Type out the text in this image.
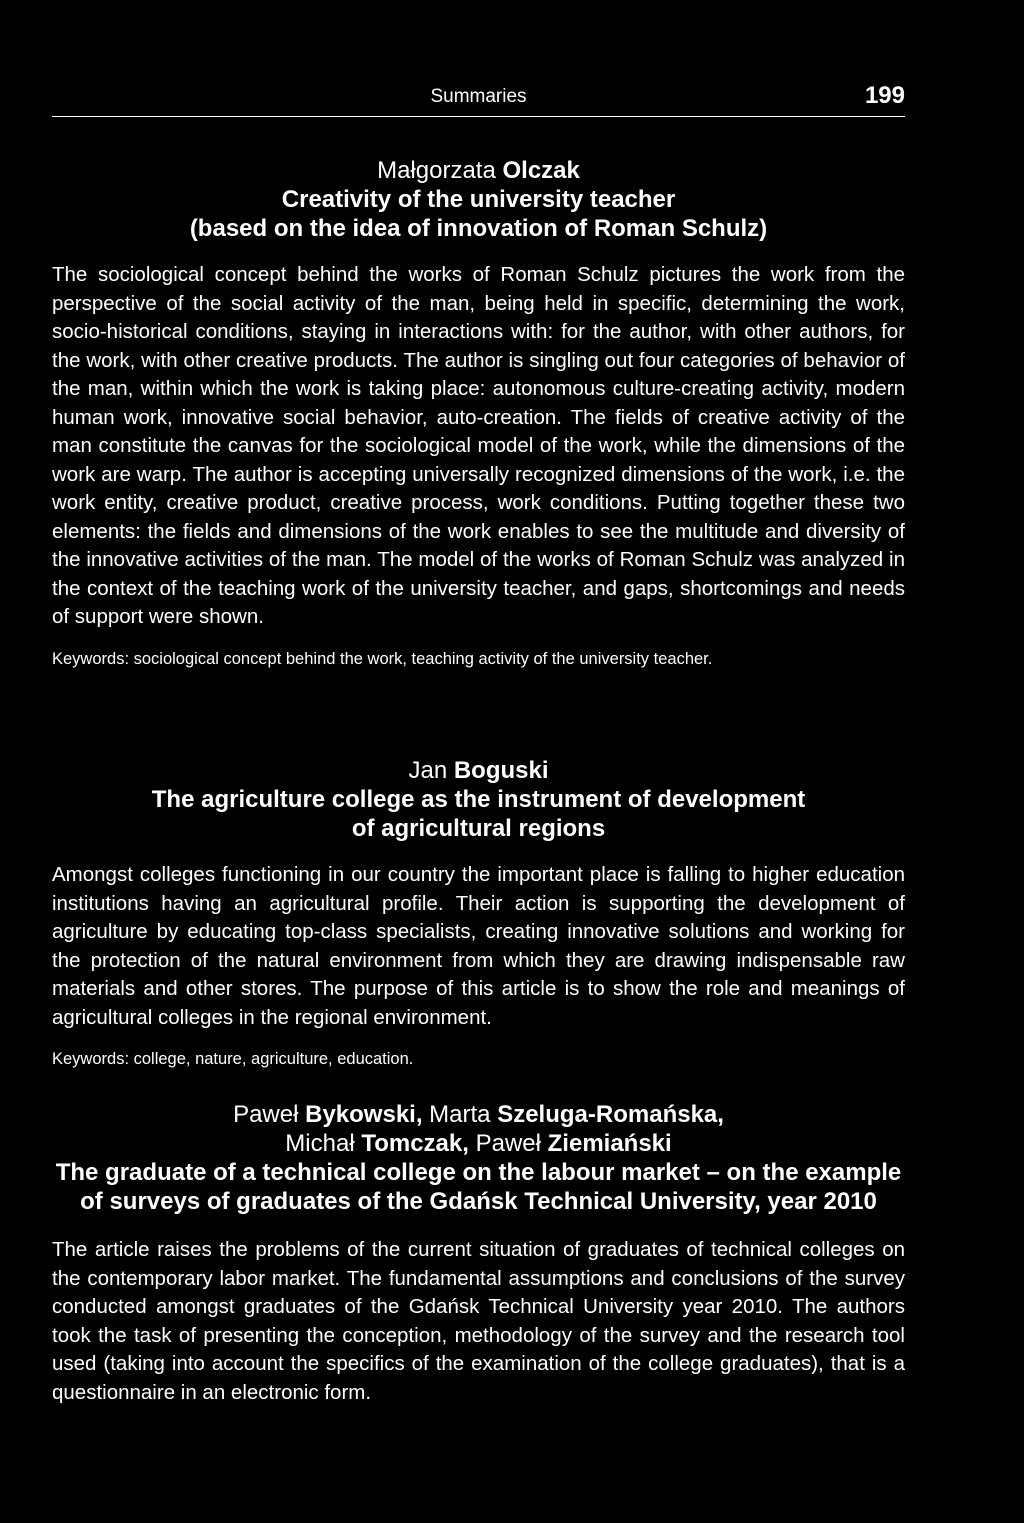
Summaries	199
Małgorzata Olczak
Creativity of the university teacher
(based on the idea of innovation of Roman Schulz)
The sociological concept behind the works of Roman Schulz pictures the work from the perspective of the social activity of the man, being held in specific, determining the work, socio-historical conditions, staying in interactions with: for the author, with other authors, for the work, with other creative products. The author is singling out four categories of behavior of the man, within which the work is taking place: autonomous culture-creating activity, modern human work, innovative social behavior, auto-creation. The fields of creative activity of the man constitute the canvas for the sociological model of the work, while the dimensions of the work are warp. The author is accepting universally recognized dimensions of the work, i.e. the work entity, creative product, creative process, work conditions. Putting together these two elements: the fields and dimensions of the work enables to see the multitude and diversity of the innovative activities of the man. The model of the works of Roman Schulz was analyzed in the context of the teaching work of the university teacher, and gaps, shortcomings and needs of support were shown.
Keywords: sociological concept behind the work, teaching activity of the university teacher.
Jan Boguski
The agriculture college as the instrument of development
of agricultural regions
Amongst colleges functioning in our country the important place is falling to higher education institutions having an agricultural profile. Their action is supporting the development of agriculture by educating top-class specialists, creating innovative solutions and working for the protection of the natural environment from which they are drawing indispensable raw materials and other stores. The purpose of this article is to show the role and meanings of agricultural colleges in the regional environment.
Keywords: college, nature, agriculture, education.
Paweł Bykowski, Marta Szeluga-Romańska,
Michał Tomczak, Paweł Ziemiański
The graduate of a technical college on the labour market – on the example
of surveys of graduates of the Gdańsk Technical University, year 2010
The article raises the problems of the current situation of graduates of technical colleges on the contemporary labor market. The fundamental assumptions and conclusions of the survey conducted amongst graduates of the Gdańsk Technical University year 2010. The authors took the task of presenting the conception, methodology of the survey and the research tool used (taking into account the specifics of the examination of the college graduates), that is a questionnaire in an electronic form.
